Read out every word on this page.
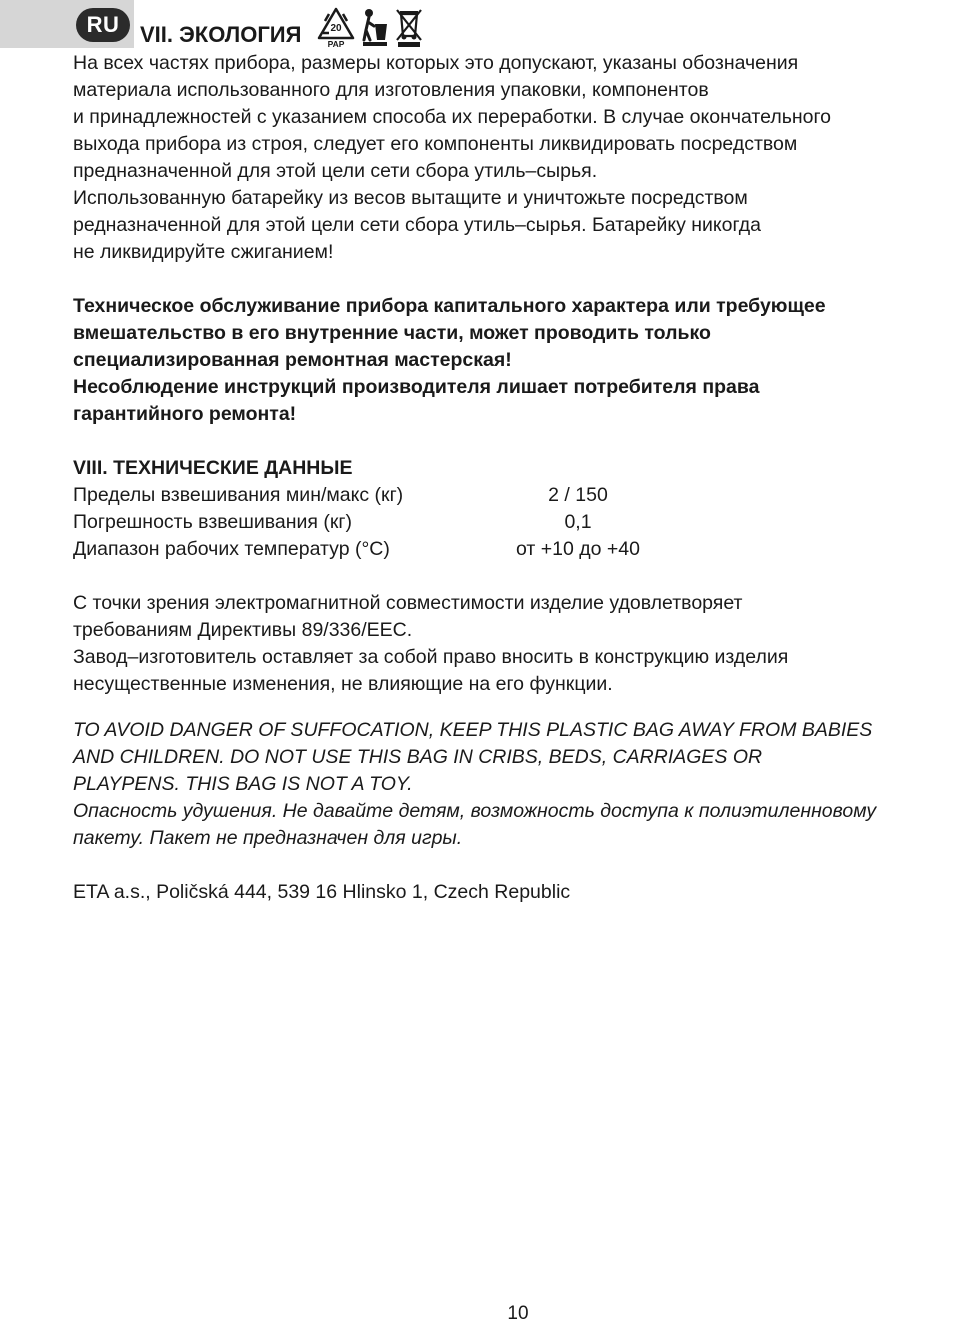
RU VII. ЭКОЛОГИЯ	20
PAP

На всех частях прибора, размеры которых это допускают, указаны обозначения

материала использованного для изготовления упаковки, компонентов

и принадлежностей с указанием способа их переработки. В случае окончательного

выхода прибора из строя, следует его компоненты ликвидировать посредством

предназначенной для этой цели сети сбора утиль–сырья.

Использованную батарейку из весов вытащите и уничтожьте посредством

редназначенной для этой цели сети сбора утиль–сырья. Батарейку никогда

не ликвидируйте сжиганием!

Техническое обслуживание прибора капитального характера или требующее

вмешательство в его внутренние части, может проводить только

специализированная ремонтная мастерская!

Несоблюдение инструкций производителя лишает потребителя права

гарантийного ремонта!

VIII. ТЕХНИЧЕСКИЕ ДАННЫЕ

Пределы взвешивания мин/макс (кг)	2 / 150
Погрешность взвешивания (кг)	0,1
Диапазон рабочих температур (°C)	от +10 до +40

С точки зрения электромагнитной совместимости изделие удовлетворяет

требованиям Директивы 89/336/ЕЕС.

Завод–изготовитель оставляет за собой право вносить в конструкцию изделия

несущественные изменения, не влияющие на его функции.

TO AVOID DANGER OF SUFFOCATION, KEEP THIS PLASTIC BAG AWAY FROM BABIES

AND CHILDREN. DO NOT USE THIS BAG IN CRIBS, BEDS, CARRIAGES OR

PLAYPENS. THIS BAG IS NOT A TOY.

Опасность удушения. Не давайте детям, возможность доступа к полиэтиленновому

пакету. Пакет не предназначен для игры.

ETA a.s., Poličská 444, 539 16 Hlinsko 1, Czech Republic

10
